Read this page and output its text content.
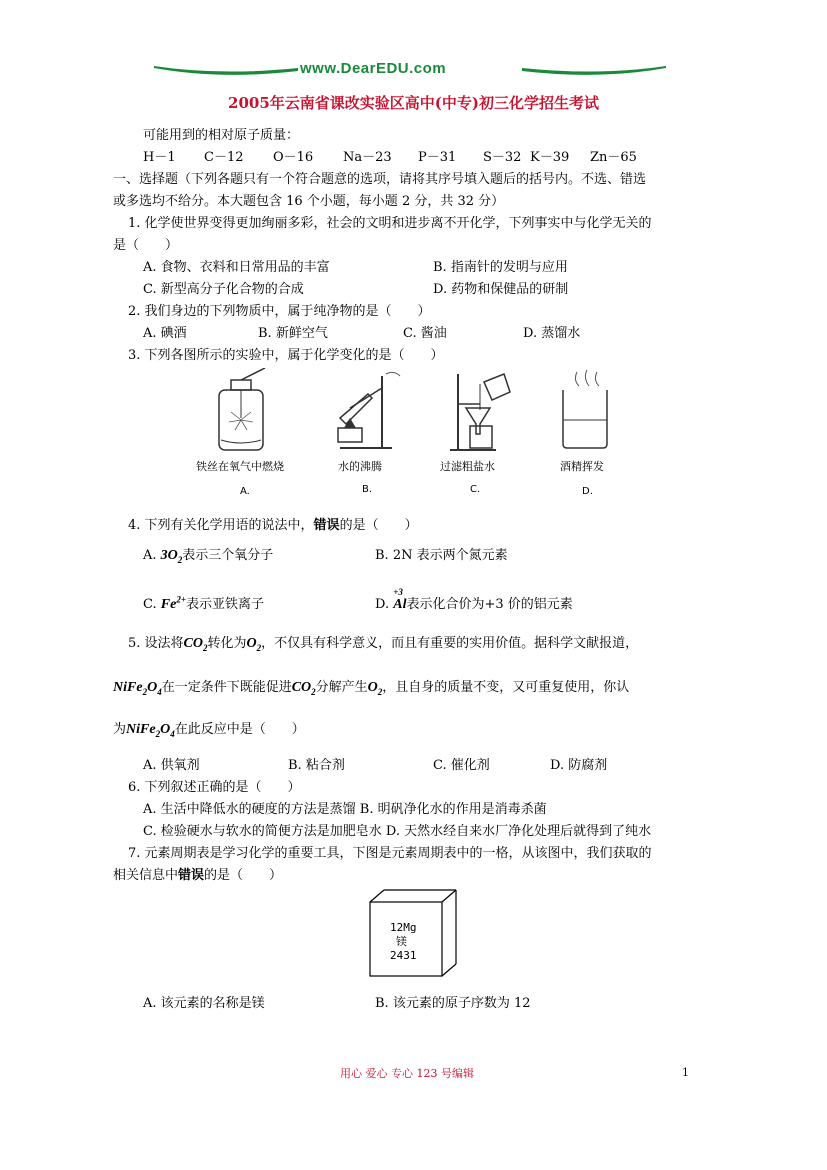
www.DearEDU.com
2005年云南省课改实验区高中(中专)初三化学招生考试
可能用到的相对原子质量：
H－1 C－12 O－16 Na－23 P－31 S－32 K－39 Zn－65
一、选择题（下列各题只有一个符合题意的选项，请将其序号填入题后的括号内。不选、错选
或多选均不给分。本大题包含 16 个小题，每小题 2 分，共 32 分）
1. 化学使世界变得更加绚丽多彩，社会的文明和进步离不开化学，下列事实中与化学无关的
是（　　）
A. 食物、衣料和日常用品的丰富	B. 指南针的发明与应用
C. 新型高分子化合物的合成	D. 药物和保健品的研制
2. 我们身边的下列物质中，属于纯净物的是（　　）
A. 碘酒	B. 新鲜空气	C. 酱油	D. 蒸馏水
3. 下列各图所示的实验中，属于化学变化的是（　　）
铁丝在氧气中燃烧	水的沸腾	过滤粗盐水	酒精挥发
A.	B.	C.	D.
4. 下列有关化学用语的说法中，错误的是（　　）
A. $3O_2$表示三个氧分子	B. 2N 表示两个氮元素
C. $Fe^{2+}$表示亚铁离子	D.
+3
Al表示化合价为+3 价的铝元素
5. 设法将$CO_2$转化为$O_2$，不仅具有科学意义，而且有重要的实用价值。据科学文献报道，
$NiFe_2O_4$在一定条件下既能促进$CO_2$分解产生$O_2$，且自身的质量不变，又可重复使用，你认
为$NiFe_2O_4$在此反应中是（　　）
A. 供氧剂	B. 粘合剂	C. 催化剂	D. 防腐剂
6. 下列叙述正确的是（　　）
A. 生活中降低水的硬度的方法是蒸馏 B. 明矾净化水的作用是消毒杀菌
C. 检验硬水与软水的简便方法是加肥皂水 D. 天然水经自来水厂净化处理后就得到了纯水
7. 元素周期表是学习化学的重要工具，下图是元素周期表中的一格，从该图中，我们获取的
相关信息中错误的是（　　）
12Mg
镁
2431
A. 该元素的名称是镁	B. 该元素的原子序数为 12
用心 爱心 专心 123 号编辑	1
